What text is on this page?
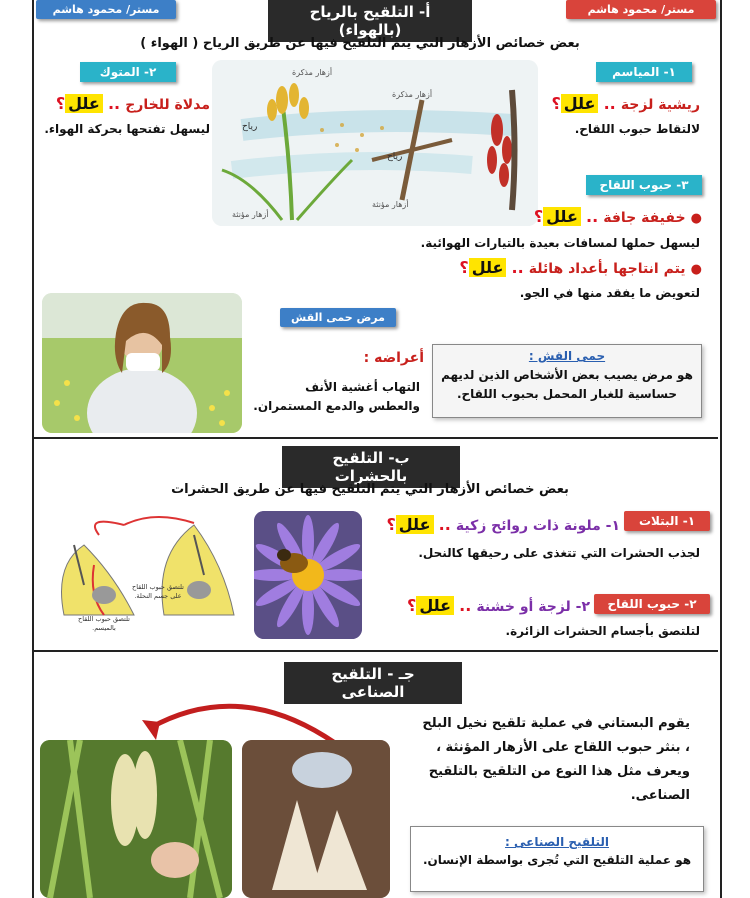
مستر/ محمود هاشم	مستر/ محمود هاشم
أ- التلقيح بالرياح (بالهواء)
بعض خصائص الأزهار التي يتم التلقيح فيها عن طريق الرياح ( الهواء )
رياح
رياح
أزهار مذكرة
أزهار مذكرة
أزهار مؤنثة
أزهار مؤنثة
١- المياسم
ريشية لزجة .. علل؟
لالتقاط حبوب اللقاح.
٢- المتوك
مدلاة للخارج .. علل؟
ليسهل تفتحها بحركة الهواء.
٣- حبوب اللقاح
● خفيفة جافة .. علل؟
ليسهل حملها لمسافات بعيدة بالتيارات الهوائية.
● يتم انتاجها بأعداد هائلة .. علل؟
لتعويض ما يفقد منها في الجو.
مرض حمى القش
أعراضه :
التهاب أغشية الأنف والعطس والدمع المستمران.
حمى القش :
هو مرض يصيب بعض الأشخاص الذين لديهم حساسية للغبار المحمل بحبوب اللقاح.
ب- التلقيح بالحشرات
بعض خصائص الأزهار التي يتم التلقيح فيها عن طريق الحشرات
تلتصق حبوب اللقاح على جسم النحلة.
تلتصق حبوب اللقاح بالميسم.
١- البتلات
١- ملونة ذات روائح زكية .. علل؟
لجذب الحشرات التي تتغذى على رحيقها كالنحل.
٢- حبوب اللقاح
٢- لزجة أو خشنة .. علل؟
لتلتصق بأجسام الحشرات الزائرة.
جـ - التلقيح الصناعى
يقوم البستاني في عملية تلقيح نخيل البلح ، بنثر حبوب اللقاح على الأزهار المؤنثة ، ويعرف مثل هذا النوع من التلقيح بالتلقيح الصناعى.
التلقيح الصناعى :
هو عملية التلقيح التي تُجرى بواسطة الإنسان.
